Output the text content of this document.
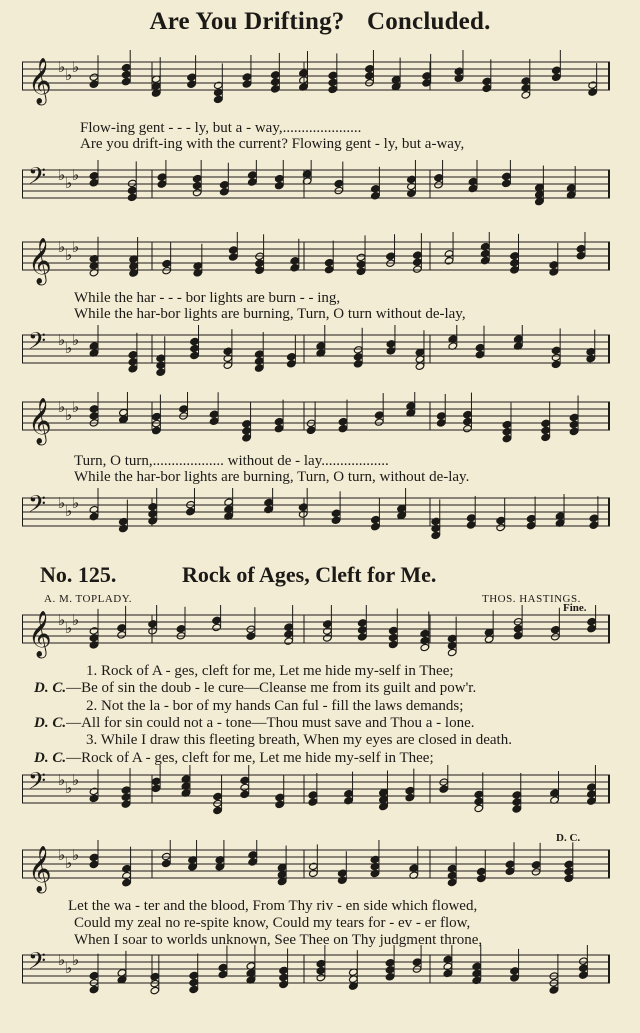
Are You Drifting? Concluded.
𝄞 ♭ ♭ ♭
Flow-ing gent - - - ly, but a - way,.....................
Are you drift-ing with the current? Flowing gent - ly, but a-way,
𝄢 ♭ ♭ ♭
𝄞 ♭ ♭ ♭
While the har - - - bor lights are burn - - ing,
While the har-bor lights are burning, Turn, O turn without de-lay,
𝄢 ♭ ♭ ♭
𝄞 ♭ ♭ ♭
Turn, O turn,................... without de - lay..................
While the har-bor lights are burning, Turn, O turn, without de-lay.
𝄢 ♭ ♭ ♭
No. 125.	Rock of Ages, Cleft for Me.
A. M. TOPLADY.	THOS. HASTINGS.
Fine.
𝄞 ♭ ♭ ♭
1. Rock of A - ges, cleft for me, Let me hide my-self in Thee;
D. C.—Be of sin the doub - le cure—Cleanse me from its guilt and pow'r.
2. Not the la - bor of my hands Can ful - fill the laws demands;
D. C.—All for sin could not a - tone—Thou must save and Thou a - lone.
3. While I draw this fleeting breath, When my eyes are closed in death.
D. C.—Rock of A - ges, cleft for me, Let me hide my-self in Thee;
𝄢 ♭ ♭ ♭
D. C.
𝄞 ♭ ♭ ♭
Let the wa - ter and the blood, From Thy riv - en side which flowed,
Could my zeal no re-spite know, Could my tears for - ev - er flow,
When I soar to worlds unknown, See Thee on Thy judgment throne,
𝄢 ♭ ♭ ♭
